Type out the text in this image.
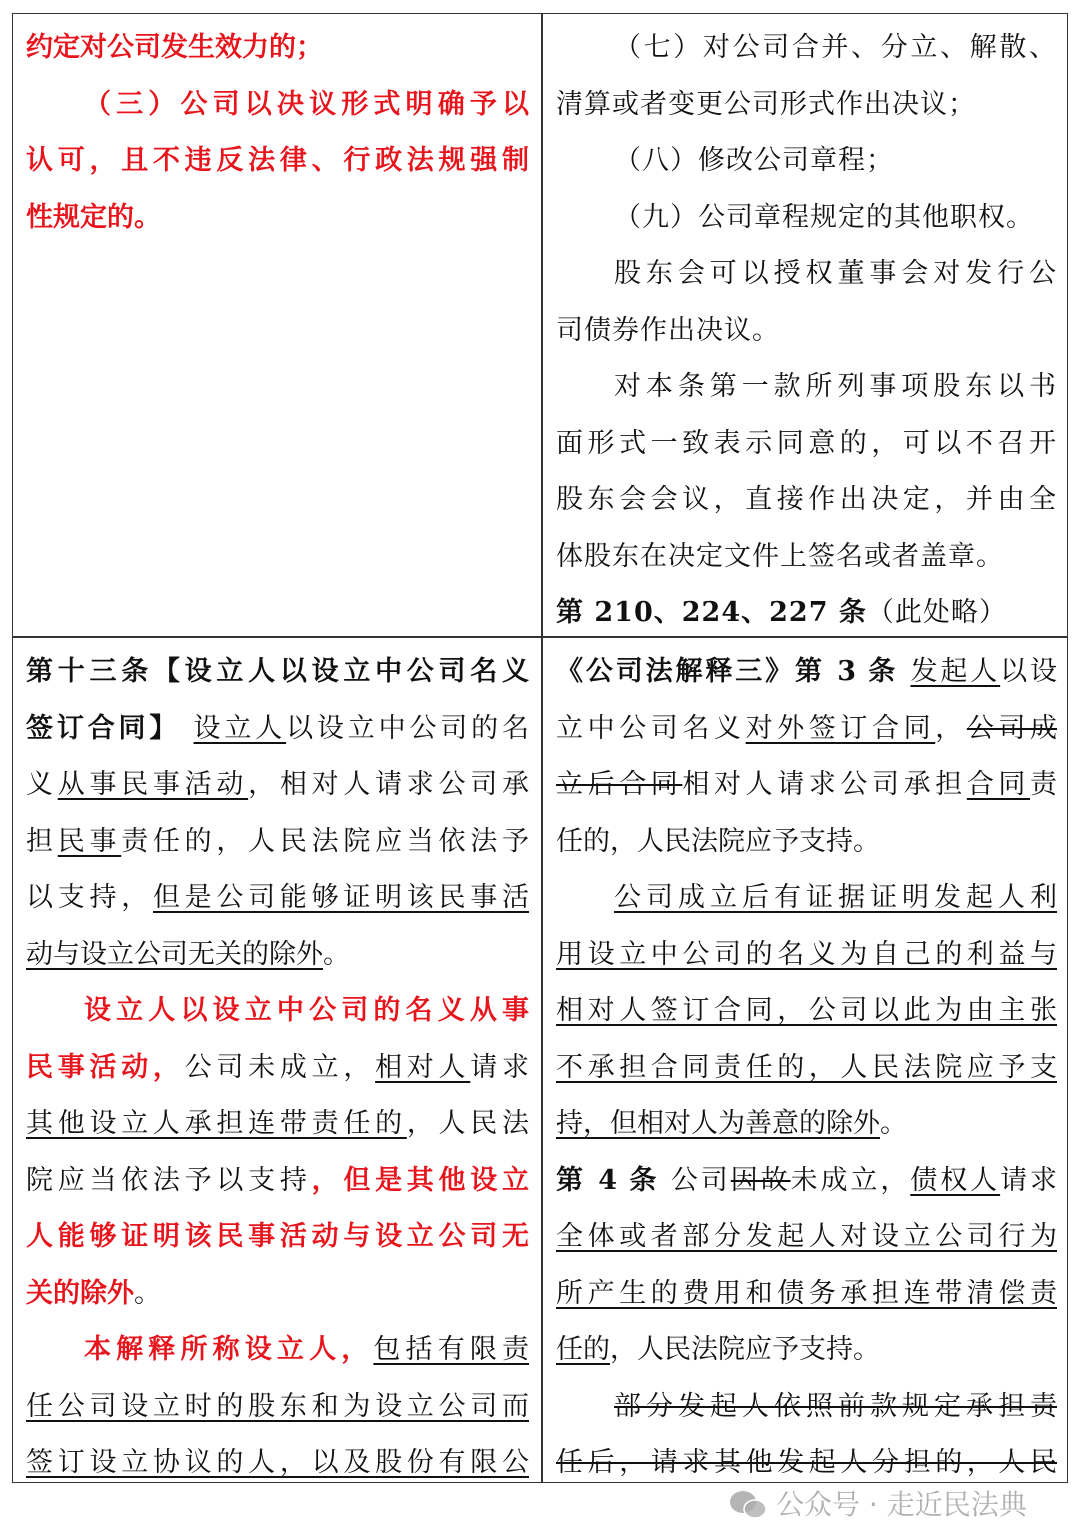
约定对公司发生效力的；
（三）公司以决议形式明确予以
认可，且不违反法律、行政法规强制
性规定的。
（七）对公司合并、分立、解散、
清算或者变更公司形式作出决议；
（八）修改公司章程；
（九）公司章程规定的其他职权。
股东会可以授权董事会对发行公
司债券作出决议。
对本条第一款所列事项股东以书
面形式一致表示同意的，可以不召开
股东会会议，直接作出决定，并由全
体股东在决定文件上签名或者盖章。
第 210、224、227 条（此处略）
第十三条【设立人以设立中公司名义
签订合同】 设立人以设立中公司的名
义从事民事活动，相对人请求公司承
担民事责任的，人民法院应当依法予
以支持，但是公司能够证明该民事活
动与设立公司无关的除外。
设立人以设立中公司的名义从事
民事活动，公司未成立，相对人请求
其他设立人承担连带责任的，人民法
院应当依法予以支持，但是其他设立
人能够证明该民事活动与设立公司无
关的除外。
本解释所称设立人，包括有限责
任公司设立时的股东和为设立公司而
签订设立协议的人，以及股份有限公
《公司法解释三》第 3 条 发起人以设
立中公司名义对外签订合同，公司成
立后合同相对人请求公司承担合同责
任的，人民法院应予支持。
公司成立后有证据证明发起人利
用设立中公司的名义为自己的利益与
相对人签订合同，公司以此为由主张
不承担合同责任的，人民法院应予支
持，但相对人为善意的除外。
第 4 条 公司因故未成立，债权人请求
全体或者部分发起人对设立公司行为
所产生的费用和债务承担连带清偿责
任的，人民法院应予支持。
部分发起人依照前款规定承担责
任后，请求其他发起人分担的，人民
公众号 · 走近民法典
